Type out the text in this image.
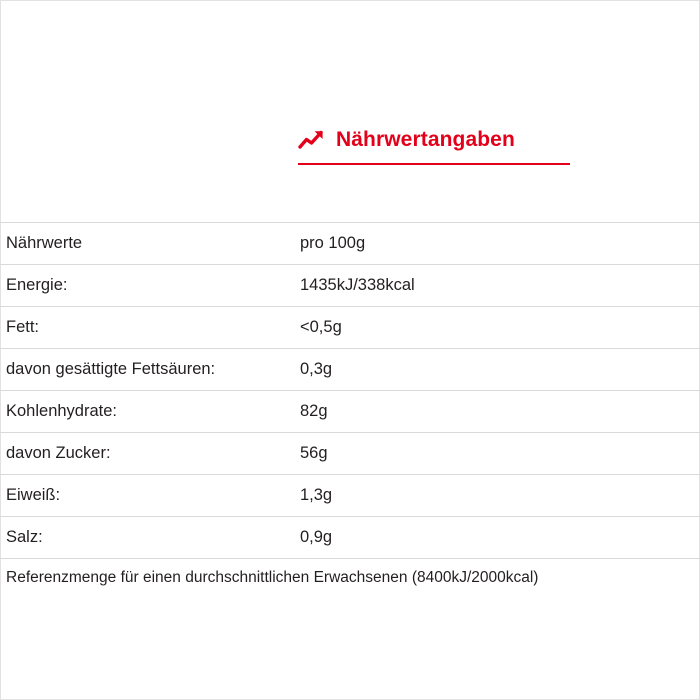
Nährwertangaben
Nährwerte	pro 100g
Energie:	1435kJ/338kcal
Fett:	<0,5g
davon gesättigte Fettsäuren:	0,3g
Kohlenhydrate:	82g
davon Zucker:	56g
Eiweiß:	1,3g
Salz:	0,9g
Referenzmenge für einen durchschnittlichen Erwachsenen (8400kJ/2000kcal)	
